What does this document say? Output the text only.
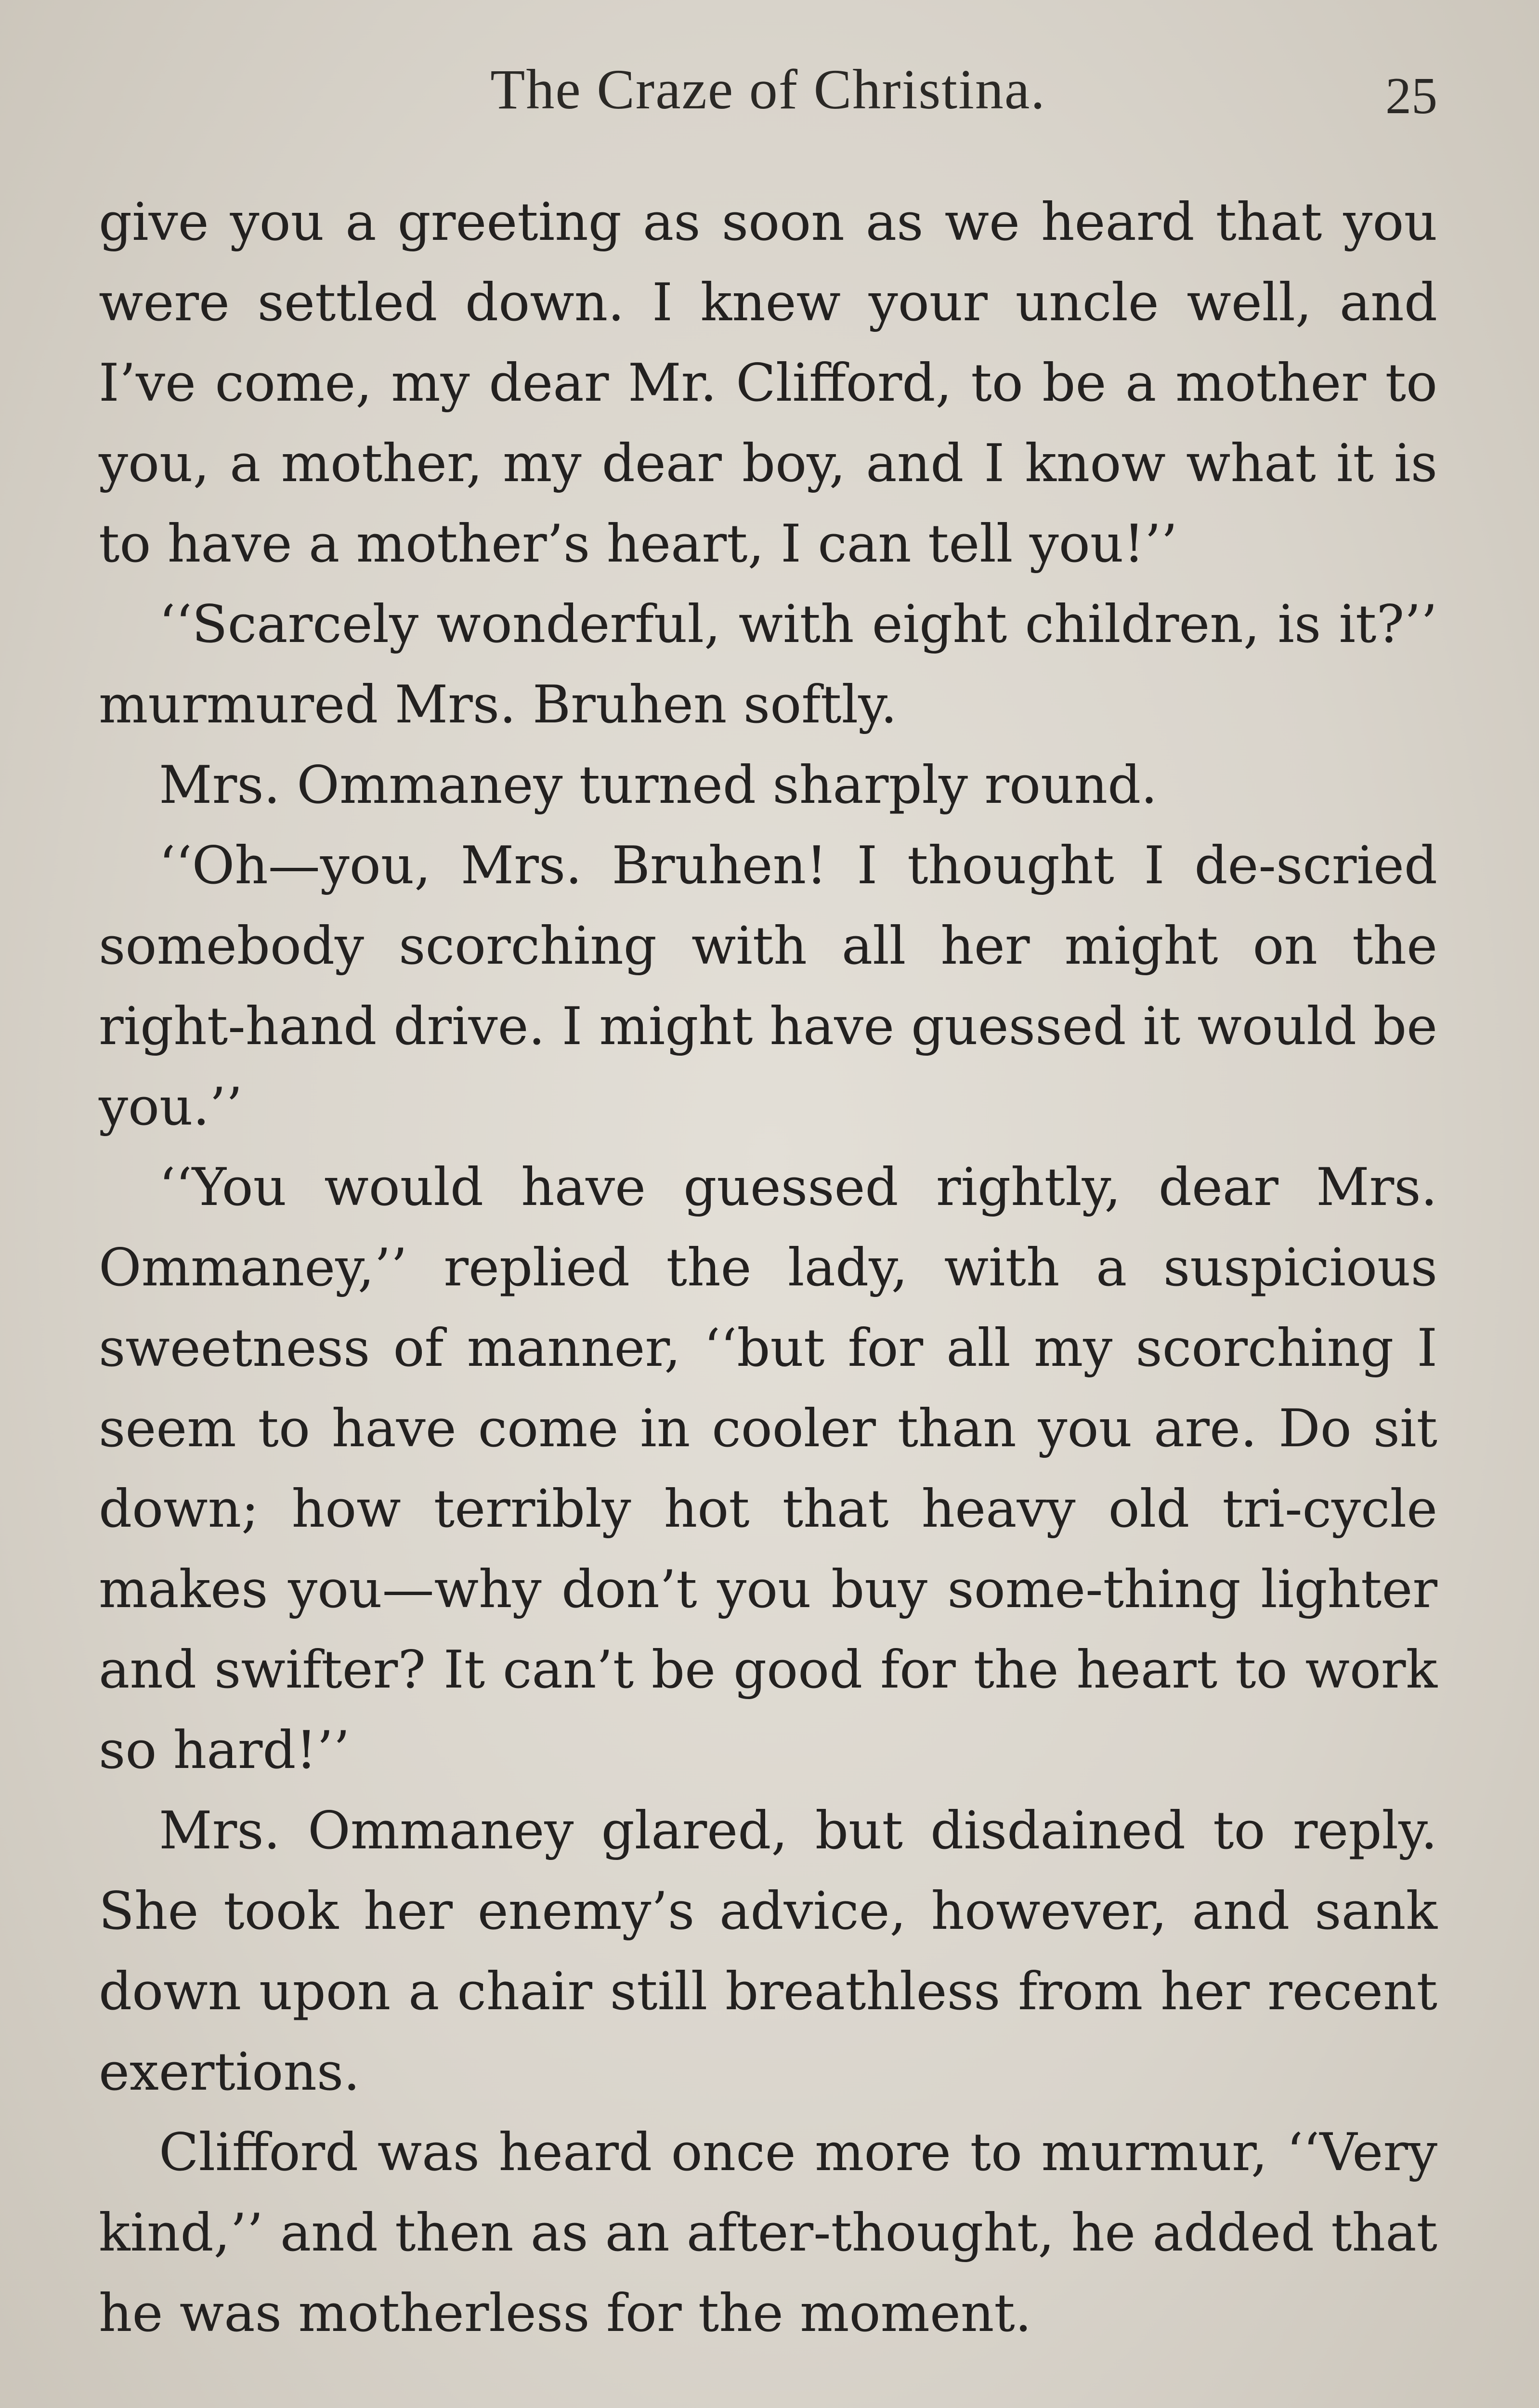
The Craze of Christina.	25

give you a greeting as soon as we heard that you were settled down. I knew your uncle well, and I’ve come, my dear Mr. Clifford, to be a mother to you, a mother, my dear boy, and I know what it is to have a mother’s heart, I can tell you!’’

‘‘Scarcely wonderful, with eight children, is it?’’ murmured Mrs. Bruhen softly.

Mrs. Ommaney turned sharply round.

‘‘Oh—you, Mrs. Bruhen! I thought I de-scried somebody scorching with all her might on the right-hand drive. I might have guessed it would be you.’’

‘‘You would have guessed rightly, dear Mrs. Ommaney,’’ replied the lady, with a suspicious sweetness of manner, ‘‘but for all my scorching I seem to have come in cooler than you are. Do sit down; how terribly hot that heavy old tri-cycle makes you—why don’t you buy some-thing lighter and swifter? It can’t be good for the heart to work so hard!’’

Mrs. Ommaney glared, but disdained to reply. She took her enemy’s advice, however, and sank down upon a chair still breathless from her recent exertions.

Clifford was heard once more to murmur, ‘‘Very kind,’’ and then as an after-thought, he added that he was motherless for the moment.
